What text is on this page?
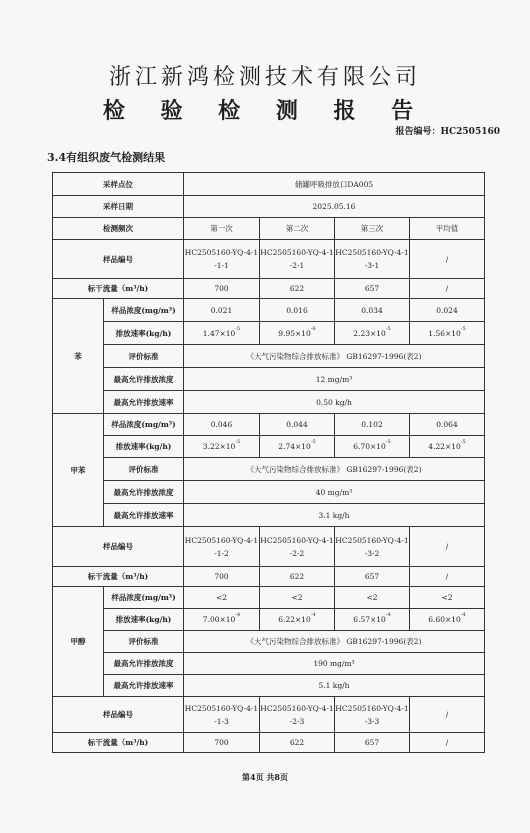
浙江新鸿检测技术有限公司
检 验 检 测 报 告
报告编号：HC2505160
3.4有组织废气检测结果
采样点位		储罐呼吸排放口DA005			
采样日期		2025.05.16			
检测频次		第一次	第二次	第三次	平均值
样品编号		HC2505160-YQ-4-1-1-1	HC2505160-YQ-4-1-2-1	HC2505160-YQ-4-1-3-1	/
标干流量（m³/h)		700	622	657	/
苯	样品浓度(mg/m³)	0.021	0.016	0.034	0.024
	排放速率(kg/h)	$1.47\times 10^{-5}$	$9.95\times 10^{-6}$	$2.23\times 10^{-5}$	$1.56\times 10^{-5}$
	评价标准	《大气污染物综合排放标准》 GB16297-1996(表2)			
	最高允许排放浓度	12 mg/m³			
	最高允许排放速率	0.50 kg/h			
甲苯	样品浓度(mg/m³)	0.046	0.044	0.102	0.064
	排放速率(kg/h)	$3.22\times 10^{-5}$	$2.74\times 10^{-5}$	$6.70\times 10^{-5}$	$4.22\times 10^{-5}$
	评价标准	《大气污染物综合排放标准》 GB16297-1996(表2)			
	最高允许排放浓度	40 mg/m³			
	最高允许排放速率	3.1 kg/h			
样品编号		HC2505160-YQ-4-1-1-2	HC2505160-YQ-4-1-2-2	HC2505160-YQ-4-1-3-2	/
标干流量（m³/h)		700	622	657	/
甲醇	样品浓度(mg/m³)	<2	<2	<2	<2
	排放速率(kg/h)	$7.00\times 10^{-4}$	$6.22\times 10^{-4}$	$6.57\times 10^{-4}$	$6.60\times 10^{-4}$
	评价标准	《大气污染物综合排放标准》 GB16297-1996(表2)			
	最高允许排放浓度	190 mg/m³			
	最高允许排放速率	5.1 kg/h			
样品编号		HC2505160-YQ-4-1-1-3	HC2505160-YQ-4-1-2-3	HC2505160-YQ-4-1-3-3	/
标干流量（m³/h)		700	622	657	/
第4页 共8页
